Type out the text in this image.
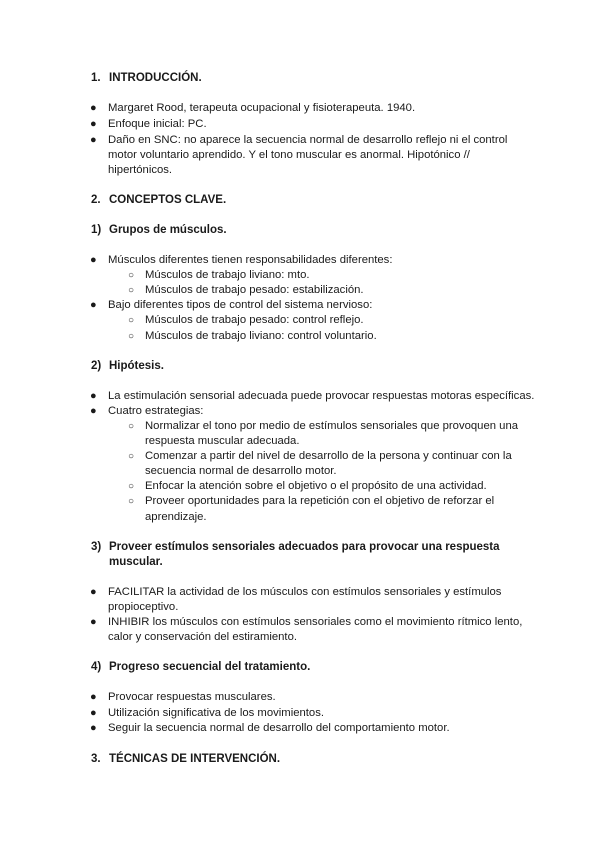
1. INTRODUCCIÓN.
● Margaret Rood, terapeuta ocupacional y fisioterapeuta. 1940.
● Enfoque inicial: PC.
● Daño en SNC: no aparece la secuencia normal de desarrollo reflejo ni el control
motor voluntario aprendido. Y el tono muscular es anormal. Hipotónico //
hipertónicos.
2. CONCEPTOS CLAVE.
1) Grupos de músculos.
● Músculos diferentes tienen responsabilidades diferentes:
○ Músculos de trabajo liviano: mto.
○ Músculos de trabajo pesado: estabilización.
● Bajo diferentes tipos de control del sistema nervioso:
○ Músculos de trabajo pesado: control reflejo.
○ Músculos de trabajo liviano: control voluntario.
2) Hipótesis.
● La estimulación sensorial adecuada puede provocar respuestas motoras específicas.
● Cuatro estrategias:
○ Normalizar el tono por medio de estímulos sensoriales que provoquen una
respuesta muscular adecuada.
○ Comenzar a partir del nivel de desarrollo de la persona y continuar con la
secuencia normal de desarrollo motor.
○ Enfocar la atención sobre el objetivo o el propósito de una actividad.
○ Proveer oportunidades para la repetición con el objetivo de reforzar el
aprendizaje.
3) Proveer estímulos sensoriales adecuados para provocar una respuesta
muscular.
● FACILITAR la actividad de los músculos con estímulos sensoriales y estímulos
propioceptivo.
● INHIBIR los músculos con estímulos sensoriales como el movimiento rítmico lento,
calor y conservación del estiramiento.
4) Progreso secuencial del tratamiento.
● Provocar respuestas musculares.
● Utilización significativa de los movimientos.
● Seguir la secuencia normal de desarrollo del comportamiento motor.
3. TÉCNICAS DE INTERVENCIÓN.
